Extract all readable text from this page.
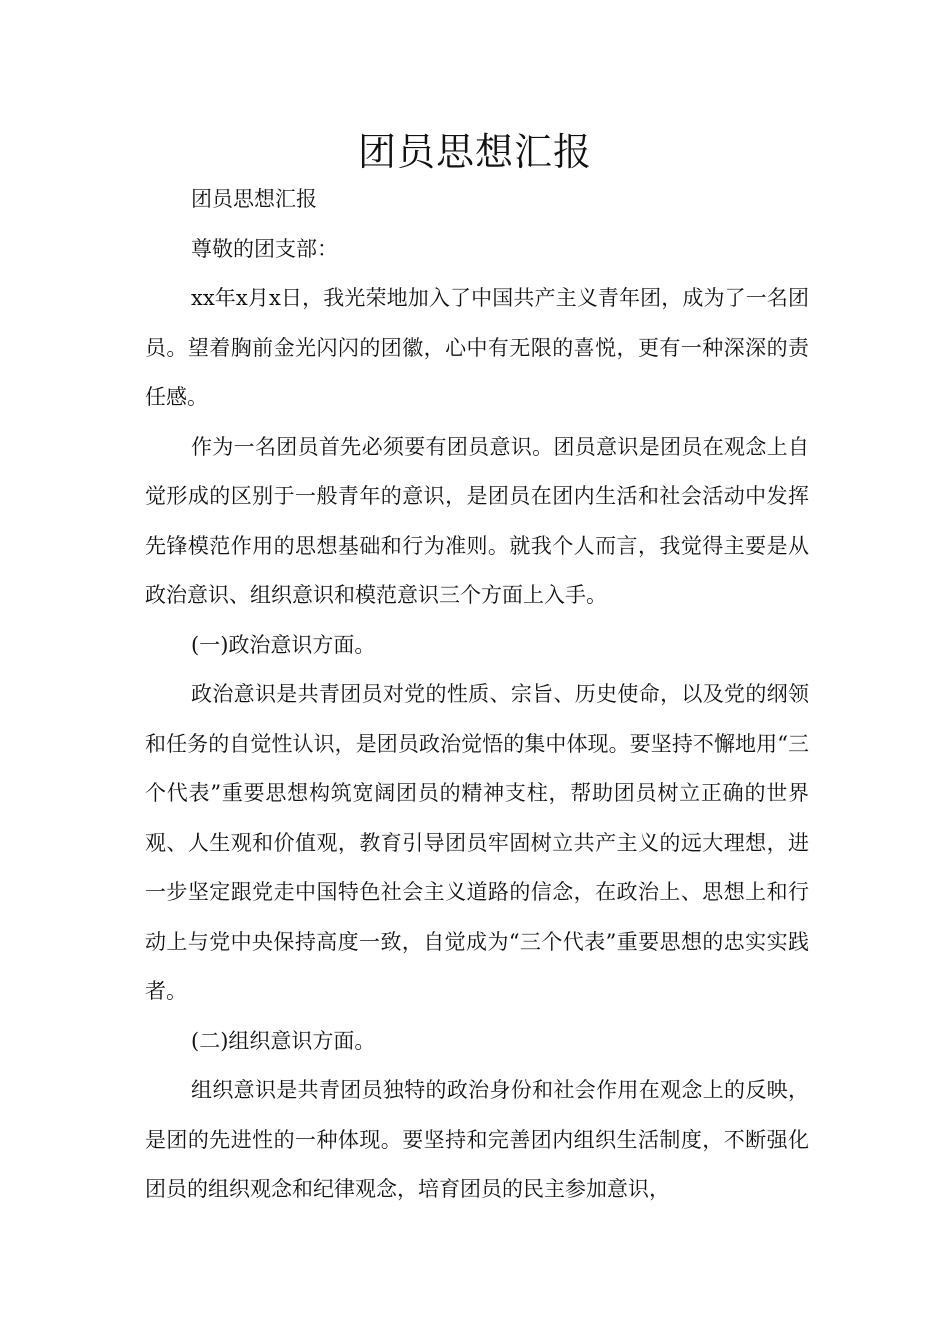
团员思想汇报

团员思想汇报

尊敬的团支部：

xx年x月x日，我光荣地加入了中国共产主义青年团，成为了一名团员。望着胸前金光闪闪的团徽，心中有无限的喜悦，更有一种深深的责任感。

作为一名团员首先必须要有团员意识。团员意识是团员在观念上自觉形成的区别于一般青年的意识，是团员在团内生活和社会活动中发挥先锋模范作用的思想基础和行为准则。就我个人而言，我觉得主要是从政治意识、组织意识和模范意识三个方面上入手。

(一)政治意识方面。

政治意识是共青团员对党的性质、宗旨、历史使命，以及党的纲领和任务的自觉性认识，是团员政治觉悟的集中体现。要坚持不懈地用“三个代表”重要思想构筑宽阔团员的精神支柱，帮助团员树立正确的世界观、人生观和价值观，教育引导团员牢固树立共产主义的远大理想，进一步坚定跟党走中国特色社会主义道路的信念，在政治上、思想上和行动上与党中央保持高度一致，自觉成为“三个代表”重要思想的忠实实践者。

(二)组织意识方面。

组织意识是共青团员独特的政治身份和社会作用在观念上的反映，是团的先进性的一种体现。要坚持和完善团内组织生活制度，不断强化团员的组织观念和纪律观念，培育团员的民主参加意识，
